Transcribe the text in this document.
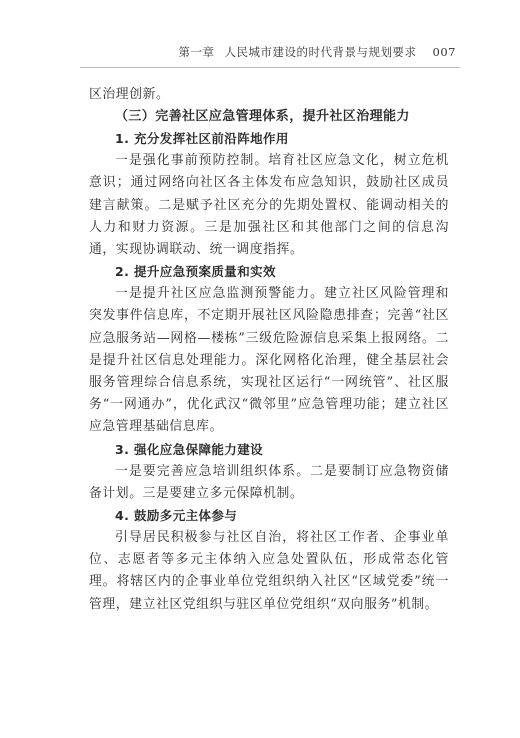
第一章 人民城市建设的时代背景与规划要求 007

区治理创新。

（三）完善社区应急管理体系，提升社区治理能力

1. 充分发挥社区前沿阵地作用

一是强化事前预防控制。培育社区应急文化，树立危机意识；通过网络向社区各主体发布应急知识，鼓励社区成员建言献策。二是赋予社区充分的先期处置权、能调动相关的人力和财力资源。三是加强社区和其他部门之间的信息沟通，实现协调联动、统一调度指挥。

2. 提升应急预案质量和实效

一是提升社区应急监测预警能力。建立社区风险管理和突发事件信息库，不定期开展社区风险隐患排查；完善“社区应急服务站—网格—楼栋”三级危险源信息采集上报网络。二是提升社区信息处理能力。深化网格化治理，健全基层社会服务管理综合信息系统，实现社区运行“一网统管”、社区服务“一网通办”，优化武汉“微邻里”应急管理功能；建立社区应急管理基础信息库。

3. 强化应急保障能力建设

一是要完善应急培训组织体系。二是要制订应急物资储备计划。三是要建立多元保障机制。

4. 鼓励多元主体参与

引导居民积极参与社区自治，将社区工作者、企事业单位、志愿者等多元主体纳入应急处置队伍，形成常态化管理。将辖区内的企事业单位党组织纳入社区“区域党委”统一管理，建立社区党组织与驻区单位党组织“双向服务”机制。
